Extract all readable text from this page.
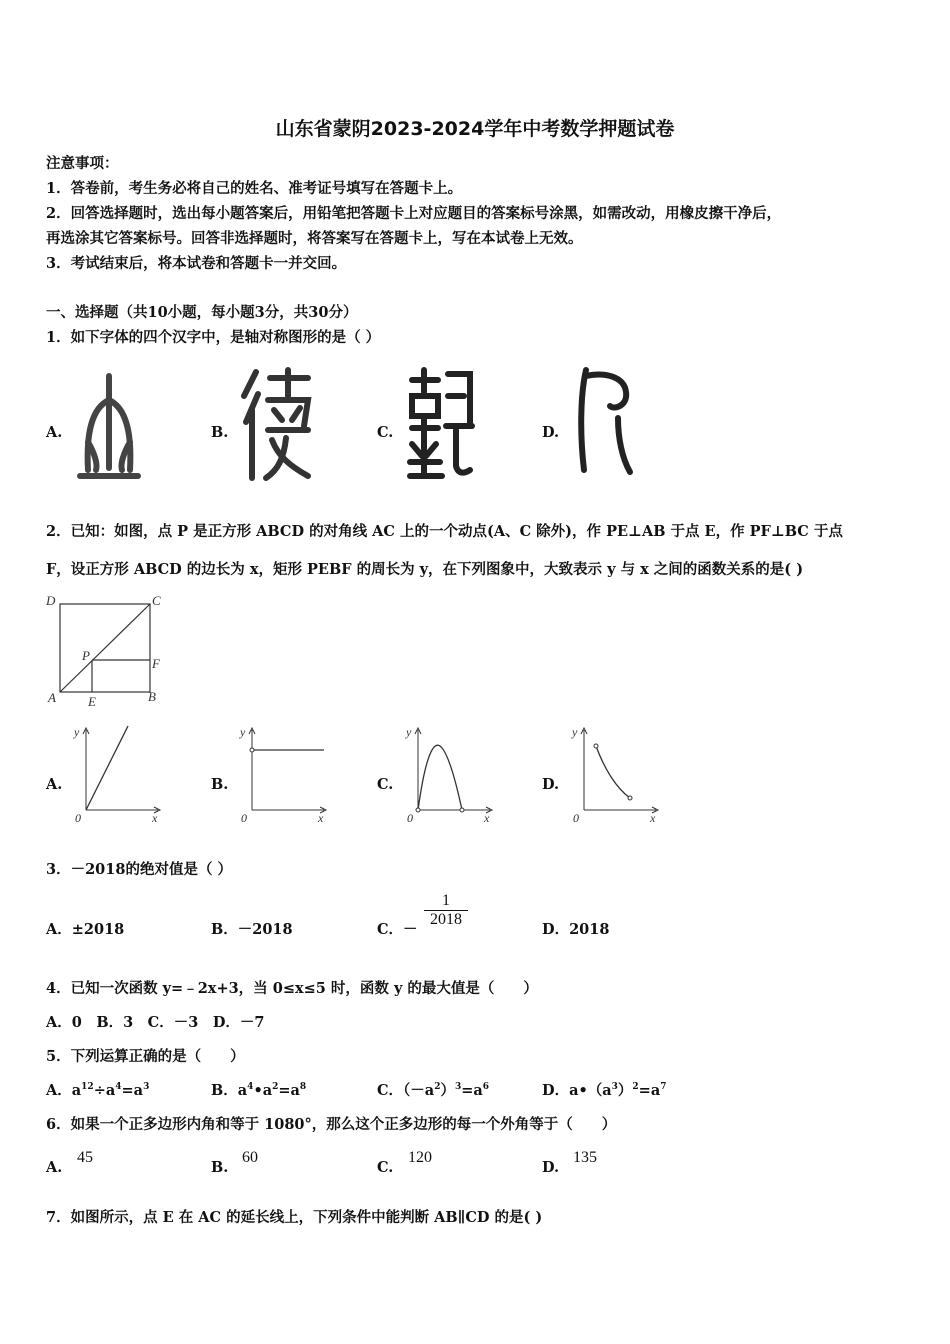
山东省蒙阴2023-2024学年中考数学押题试卷
注意事项：
1．答卷前，考生务必将自己的姓名、准考证号填写在答题卡上。
2．回答选择题时，选出每小题答案后，用铅笔把答题卡上对应题目的答案标号涂黑，如需改动，用橡皮擦干净后，
再选涂其它答案标号。回答非选择题时，将答案写在答题卡上，写在本试卷上无效。
3．考试结束后，将本试卷和答题卡一并交回。
一、选择题（共10小题，每小题3分，共30分）
1．如下字体的四个汉字中，是轴对称图形的是（ ）
A.	B.	C.	D.
2．已知：如图，点 P 是正方形 ABCD 的对角线 AC 上的一个动点(A、C 除外)，作 PE⊥AB 于点 E，作 PF⊥BC 于点
F，设正方形 ABCD 的边长为 x，矩形 PEBF 的周长为 y，在下列图象中，大致表示 y 与 x 之间的函数关系的是( )
D	C
P
F
A	B
E
A.	B.	C.	D.
y
x
0
y
x
0
y
x
0
y
x
0
3．－2018的绝对值是（ ）
A．±2018	B．－2018	C．－
$\frac{1}{2018}$
D．2018
4．已知一次函数 y=﹣2x+3，当 0≤x≤5 时，函数 y 的最大值是（　　）
A．0　B．3　C．－3　D．－7
5．下列运算正确的是（　　）
A．$a^{12}\div a^4=a^3$	B．$a^4•a^2=a^8$	C．$(-a^2)^3=a^6$	D．$a•(a^3)^2=a^7$
6．如果一个正多边形内角和等于 1080°，那么这个正多边形的每一个外角等于（　　）
A.
45
B.
60
C.
120
D.
135
7．如图所示，点 E 在 AC 的延长线上，下列条件中能判断 AB∥CD 的是( )
